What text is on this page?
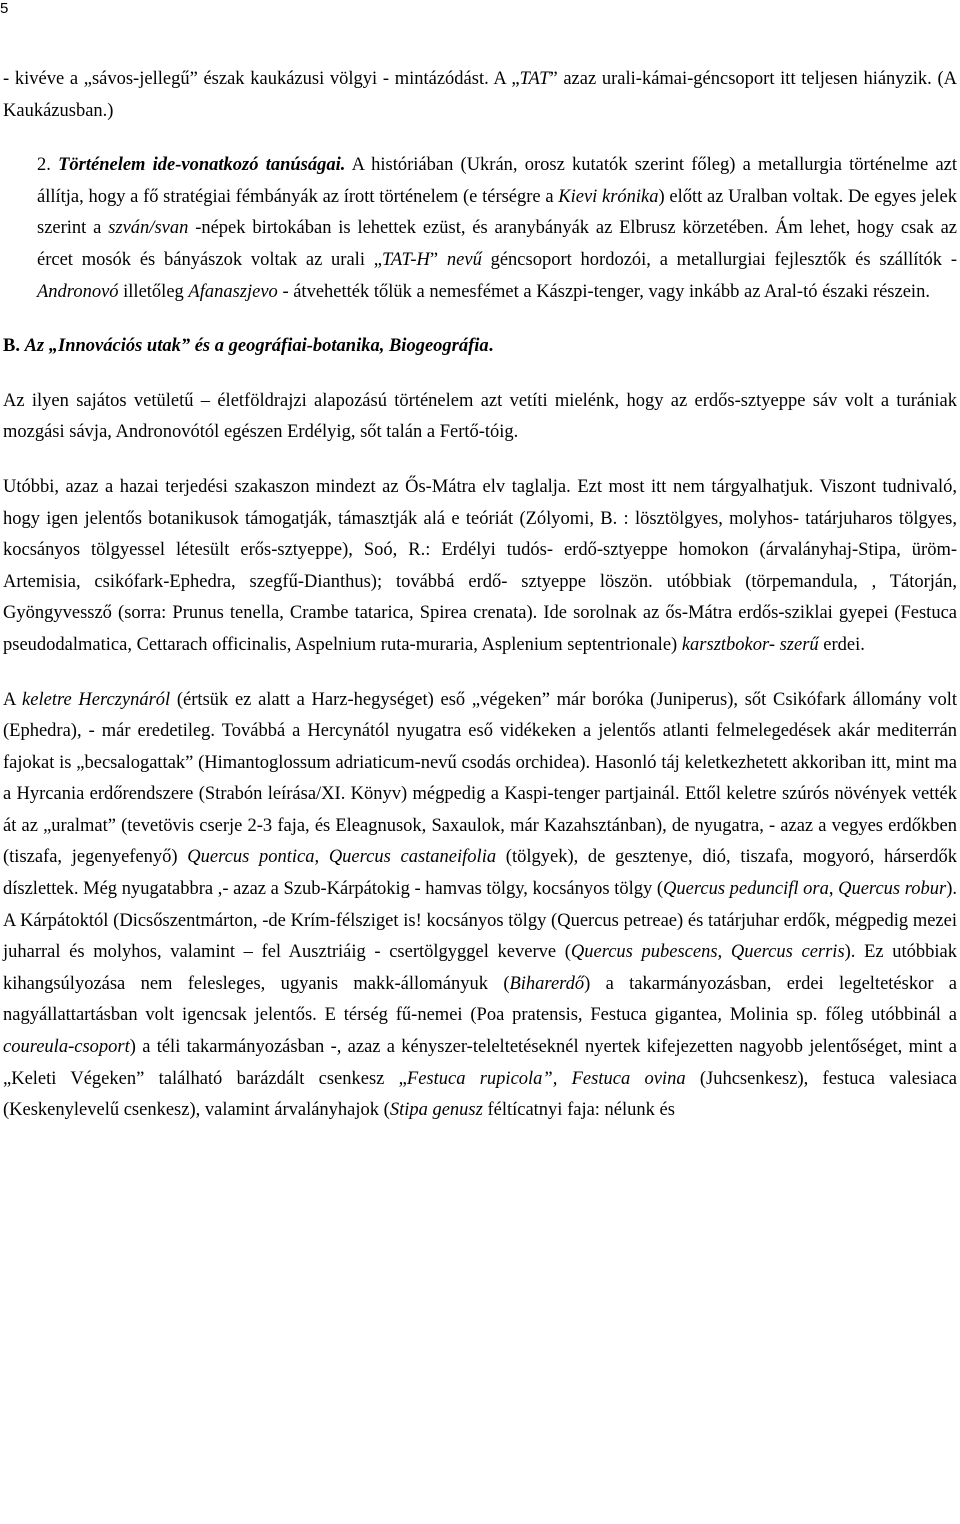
5

- kivéve a „sávos-jellegű” észak kaukázusi völgyi - mintázódást. A „TAT” azaz urali-kámai-géncsoport itt teljesen hiányzik. (A Kaukázusban.)

2. Történelem ide-vonatkozó tanúságai. A históriában (Ukrán, orosz kutatók szerint főleg) a metallurgia történelme azt állítja, hogy a fő stratégiai fémbányák az írott történelem (e térségre a Kievi krónika) előtt az Uralban voltak. De egyes jelek szerint a szván/svan -népek birtokában is lehettek ezüst, és aranybányák az Elbrusz körzetében. Ám lehet, hogy csak az ércet mosók és bányászok voltak az urali „TAT-H” nevű géncsoport hordozói, a metallurgiai fejlesztők és szállítók - Andronovó illetőleg Afanaszjevo - átvehették tőlük a nemesfémet a Kászpi-tenger, vagy inkább az Aral-tó északi részein.

B. Az „Innovációs utak” és a geográfiai-botanika, Biogeográfia.

Az ilyen sajátos vetületű – életföldrajzi alapozású történelem azt vetíti mielénk, hogy az erdős-sztyeppe sáv volt a turániak mozgási sávja, Andronovótól egészen Erdélyig, sőt talán a Fertő-tóig.

Utóbbi, azaz a hazai terjedési szakaszon mindezt az Ős-Mátra elv taglalja. Ezt most itt nem tárgyalhatjuk. Viszont tudnivaló, hogy igen jelentős botanikusok támogatják, támasztják alá e teóriát (Zólyomi, B. : lösztölgyes, molyhos- tatárjuharos tölgyes, kocsányos tölgyessel létesült erős-sztyeppe), Soó, R.: Erdélyi tudós- erdő-sztyeppe homokon (árvalányhaj-Stipa, üröm-Artemisia, csikófark-Ephedra, szegfű-Dianthus); továbbá erdő- sztyeppe löszön. utóbbiak (törpemandula, , Tátorján, Gyöngyvessző (sorra: Prunus tenella, Crambe tatarica, Spirea crenata). Ide sorolnak az ős-Mátra erdős-sziklai gyepei (Festuca pseudodalmatica, Cettarach officinalis, Aspelnium ruta-muraria, Asplenium septentrionale) karsztbokor- szerű erdei.

A keletre Herczynáról (értsük ez alatt a Harz-hegységet) eső „végeken” már boróka (Juniperus), sőt Csikófark állomány volt (Ephedra), - már eredetileg. Továbbá a Hercynától nyugatra eső vidékeken a jelentős atlanti felmelegedések akár mediterrán fajokat is „becsalogattak” (Himantoglossum adriaticum-nevű csodás orchidea). Hasonló táj keletkezhetett akkoriban itt, mint ma a Hyrcania erdőrendszere (Strabón leírása/XI. Könyv) mégpedig a Kaspi-tenger partjainál. Ettől keletre szúrós növények vették át az „uralmat” (tevetövis cserje 2-3 faja, és Eleagnusok, Saxaulok, már Kazahsztánban), de nyugatra, - azaz a vegyes erdőkben (tiszafa, jegenyefenyő) Quercus pontica, Quercus castaneifolia (tölgyek), de gesztenye, dió, tiszafa, mogyoró, hárserdők díszlettek. Még nyugatabbra ,- azaz a Szub-Kárpátokig - hamvas tölgy, kocsányos tölgy (Quercus peduncifl ora, Quercus robur). A Kárpátoktól (Dicsőszentmárton, -de Krím-félsziget is! kocsányos tölgy (Quercus petreae) és tatárjuhar erdők, mégpedig mezei juharral és molyhos, valamint – fel Ausztriáig - csertölgyggel keverve (Quercus pubescens, Quercus cerris). Ez utóbbiak kihangsúlyozása nem felesleges, ugyanis makk-állományuk (Biharerdő) a takarmányozásban, erdei legeltetéskor a nagyállattartásban volt igencsak jelentős. E térség fű-nemei (Poa pratensis, Festuca gigantea, Molinia sp. főleg utóbbinál a coureula-csoport) a téli takarmányozásban -, azaz a kényszer-teleltetéseknél nyertek kifejezetten nagyobb jelentőséget, mint a „Keleti Végeken” található barázdált csenkesz „Festuca rupicola”, Festuca ovina (Juhcsenkesz), festuca valesiaca (Keskenylevelű csenkesz), valamint árvalányhajok (Stipa genusz féltícatnyi faja: nélunk és
